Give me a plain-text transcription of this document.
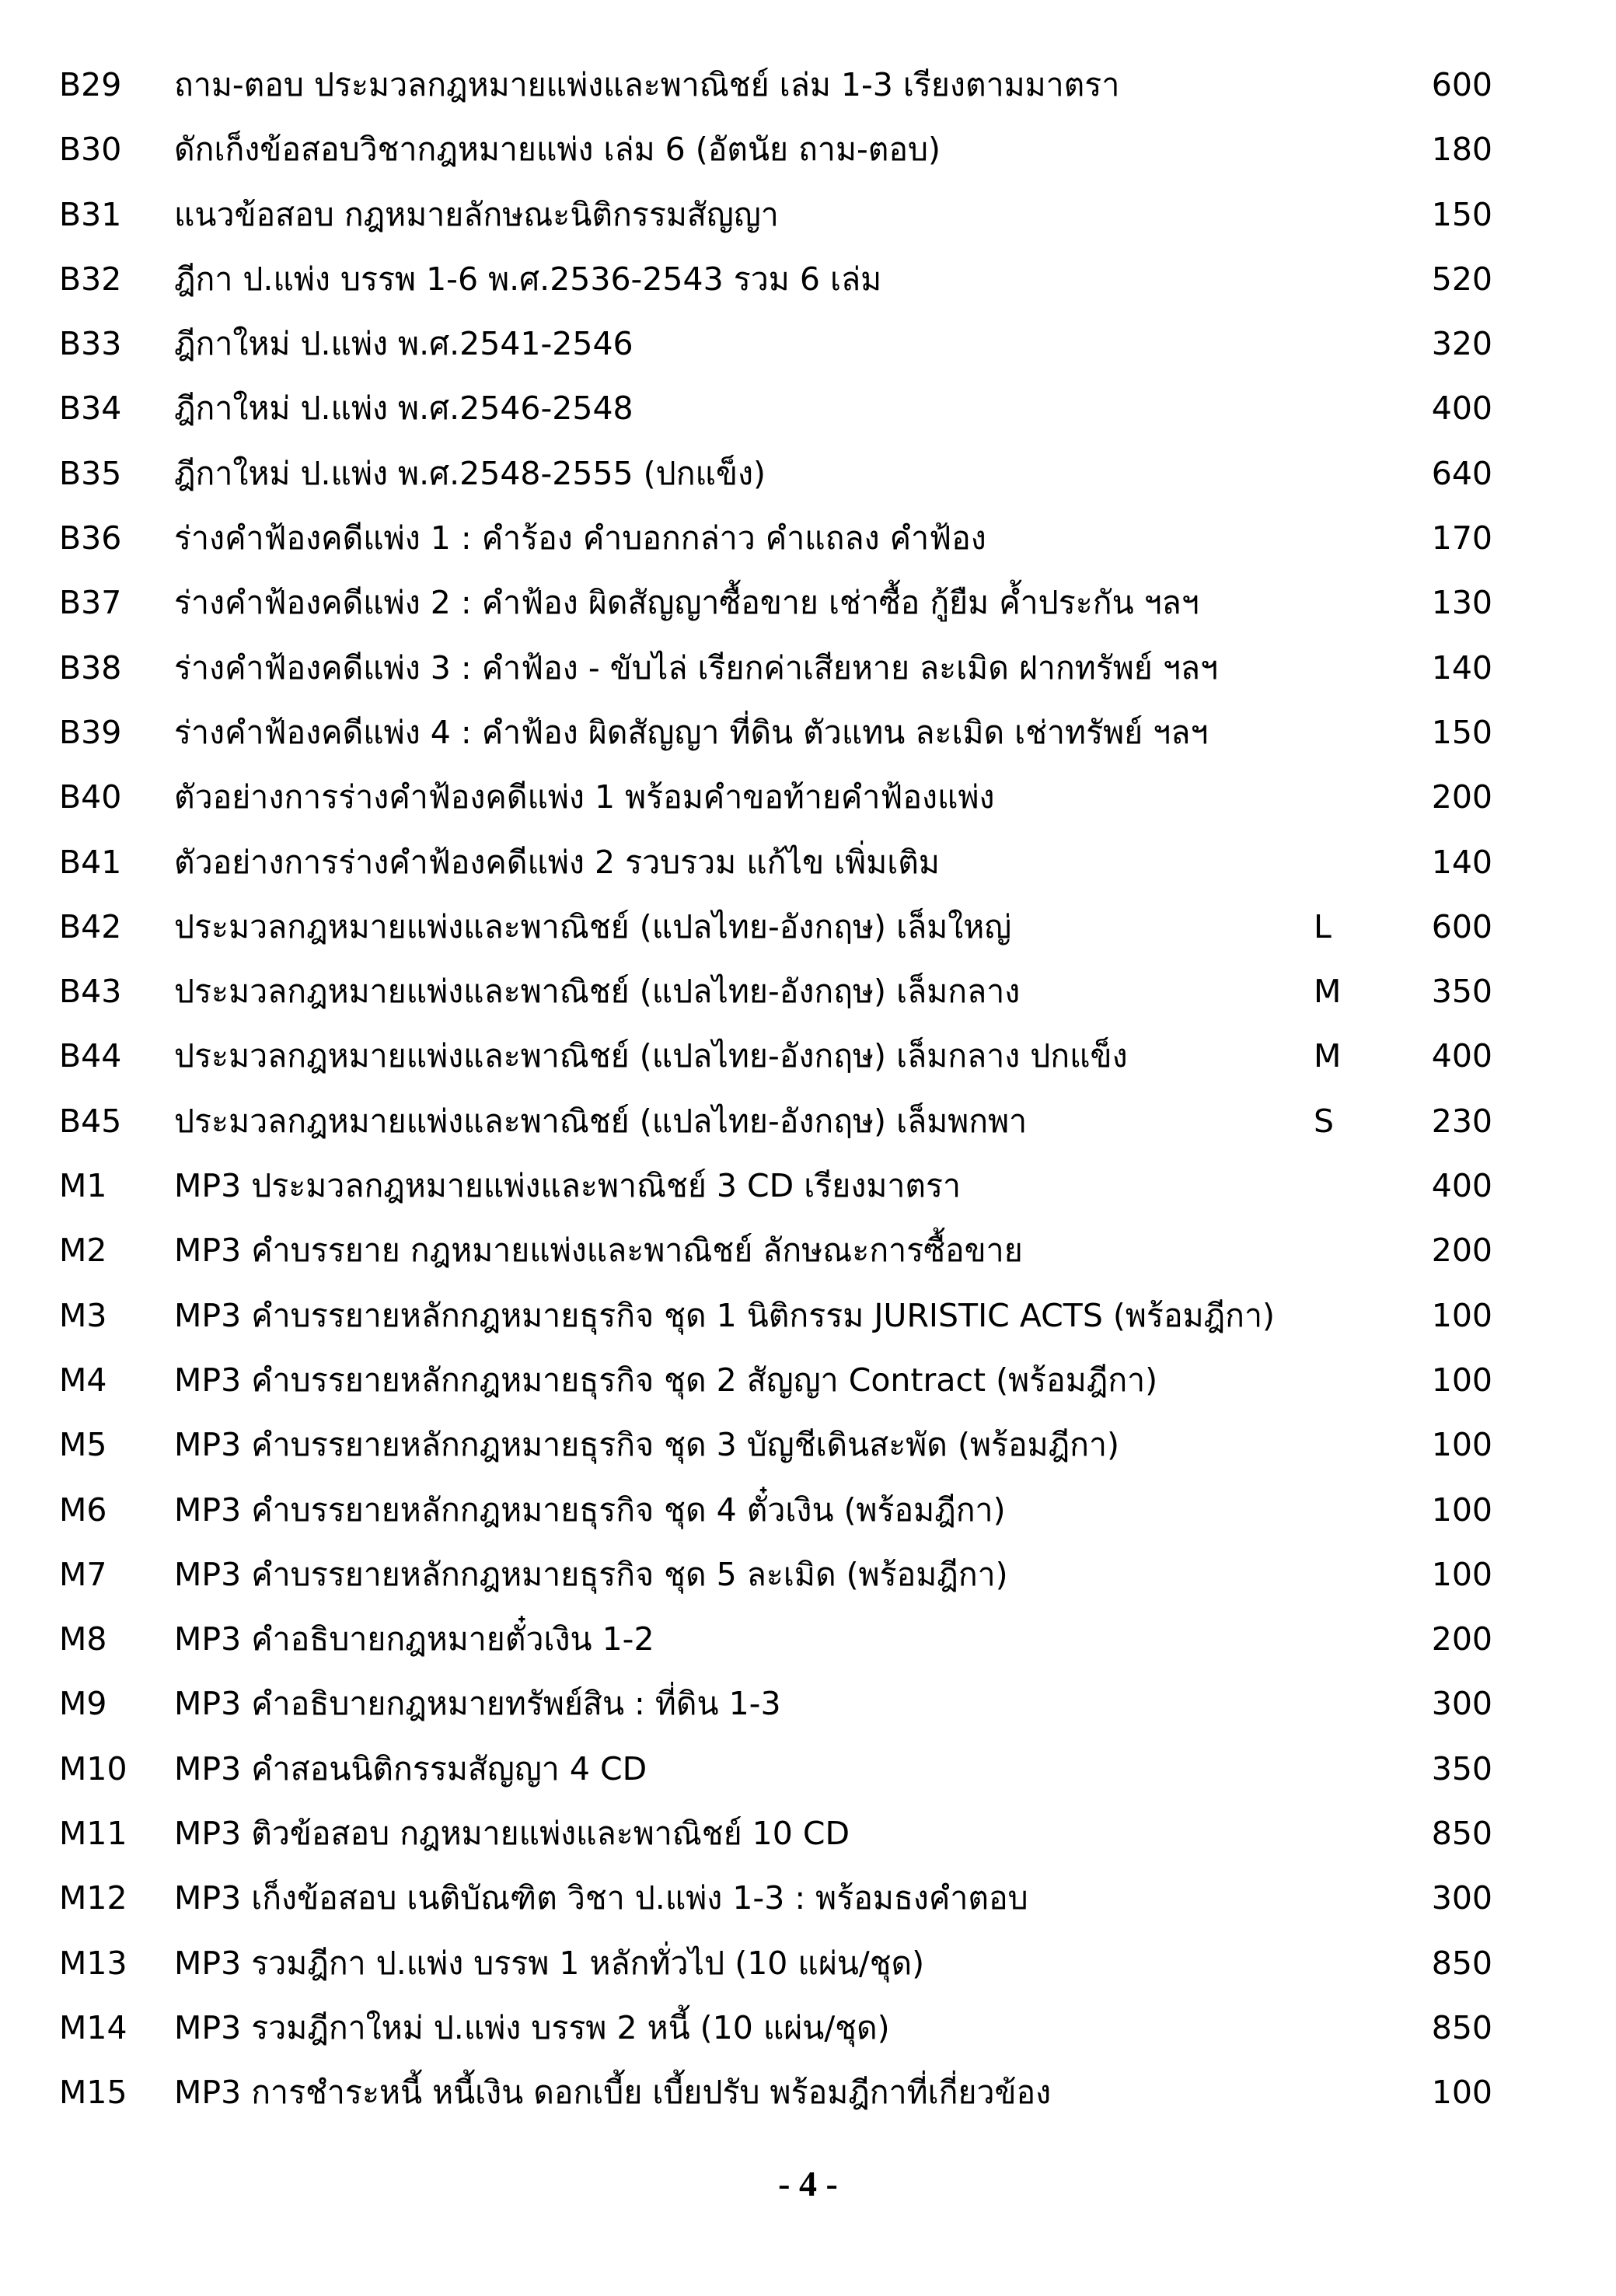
B29 ถาม-ตอบ ประมวลกฎหมายแพ่งและพาณิชย์ เล่ม 1-3 เรียงตามมาตรา	600
B30 ดักเก็งข้อสอบวิชากฎหมายแพ่ง เล่ม 6 (อัตนัย ถาม-ตอบ)	180
B31 แนวข้อสอบ กฎหมายลักษณะนิติกรรมสัญญา	150
B32 ฎีกา ป.แพ่ง บรรพ 1-6 พ.ศ.2536-2543 รวม 6 เล่ม	520
B33 ฎีกาใหม่ ป.แพ่ง พ.ศ.2541-2546	320
B34 ฎีกาใหม่ ป.แพ่ง พ.ศ.2546-2548	400
B35 ฎีกาใหม่ ป.แพ่ง พ.ศ.2548-2555 (ปกแข็ง)	640
B36 ร่างคำฟ้องคดีแพ่ง 1 : คำร้อง คำบอกกล่าว คำแถลง คำฟ้อง	170
B37 ร่างคำฟ้องคดีแพ่ง 2 : คำฟ้อง ผิดสัญญาซื้อขาย เช่าซื้อ กู้ยืม ค้ำประกัน ฯลฯ	130
B38 ร่างคำฟ้องคดีแพ่ง 3 : คำฟ้อง - ขับไล่ เรียกค่าเสียหาย ละเมิด ฝากทรัพย์ ฯลฯ	140
B39 ร่างคำฟ้องคดีแพ่ง 4 : คำฟ้อง ผิดสัญญา ที่ดิน ตัวแทน ละเมิด เช่าทรัพย์ ฯลฯ	150
B40 ตัวอย่างการร่างคำฟ้องคดีแพ่ง 1 พร้อมคำขอท้ายคำฟ้องแพ่ง	200
B41 ตัวอย่างการร่างคำฟ้องคดีแพ่ง 2 รวบรวม แก้ไข เพิ่มเติม	140
B42 ประมวลกฎหมายแพ่งและพาณิชย์ (แปลไทย-อังกฤษ) เล็มใหญ่	L	600
B43 ประมวลกฎหมายแพ่งและพาณิชย์ (แปลไทย-อังกฤษ) เล็มกลาง	M	350
B44 ประมวลกฎหมายแพ่งและพาณิชย์ (แปลไทย-อังกฤษ) เล็มกลาง ปกแข็ง	M	400
B45 ประมวลกฎหมายแพ่งและพาณิชย์ (แปลไทย-อังกฤษ) เล็มพกพา	S	230
M1 MP3 ประมวลกฎหมายแพ่งและพาณิชย์ 3 CD เรียงมาตรา	400
M2 MP3 คำบรรยาย กฎหมายแพ่งและพาณิชย์ ลักษณะการซื้อขาย	200
M3 MP3 คำบรรยายหลักกฎหมายธุรกิจ ชุด 1 นิติกรรม JURISTIC ACTS (พร้อมฎีกา)	100
M4 MP3 คำบรรยายหลักกฎหมายธุรกิจ ชุด 2 สัญญา Contract (พร้อมฎีกา)	100
M5 MP3 คำบรรยายหลักกฎหมายธุรกิจ ชุด 3 บัญชีเดินสะพัด (พร้อมฎีกา)	100
M6 MP3 คำบรรยายหลักกฎหมายธุรกิจ ชุด 4 ตั๋วเงิน (พร้อมฎีกา)	100
M7 MP3 คำบรรยายหลักกฎหมายธุรกิจ ชุด 5 ละเมิด (พร้อมฎีกา)	100
M8 MP3 คำอธิบายกฎหมายตั๋วเงิน 1-2	200
M9 MP3 คำอธิบายกฎหมายทรัพย์สิน : ที่ดิน 1-3	300
M10 MP3 คำสอนนิติกรรมสัญญา 4 CD	350
M11 MP3 ติวข้อสอบ กฎหมายแพ่งและพาณิชย์ 10 CD	850
M12 MP3 เก็งข้อสอบ เนติบัณฑิต วิชา ป.แพ่ง 1-3 : พร้อมธงคำตอบ	300
M13 MP3 รวมฎีกา ป.แพ่ง บรรพ 1 หลักทั่วไป (10 แผ่น/ชุด)	850
M14 MP3 รวมฎีกาใหม่ ป.แพ่ง บรรพ 2 หนี้ (10 แผ่น/ชุด)	850
M15 MP3 การชำระหนี้ หนี้เงิน ดอกเบี้ย เบี้ยปรับ พร้อมฎีกาที่เกี่ยวข้อง	100
- 4 -
